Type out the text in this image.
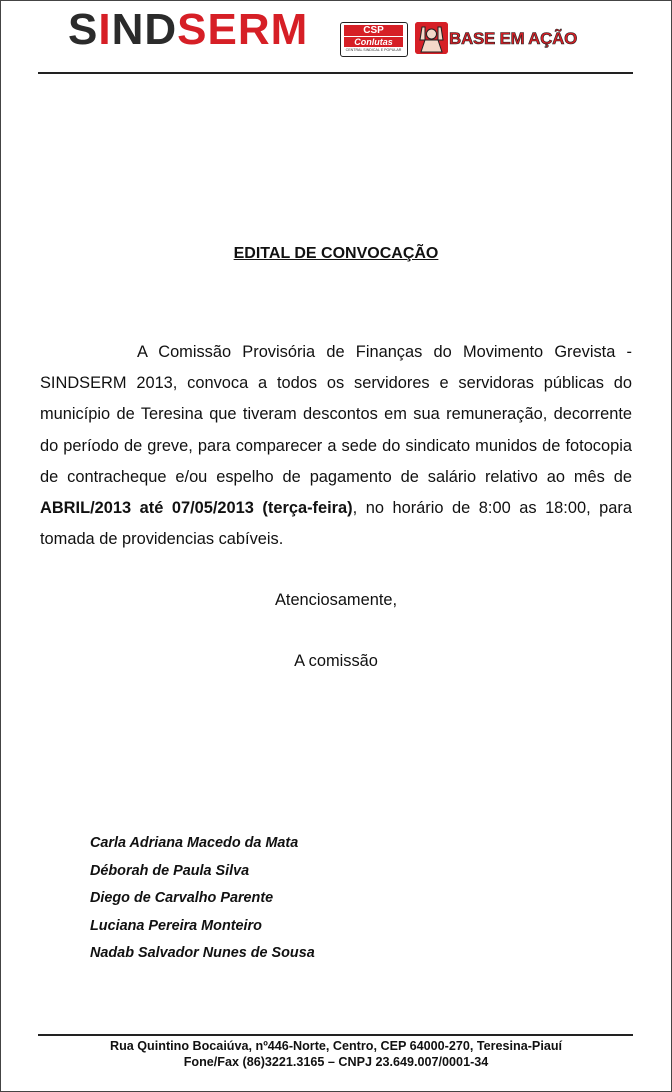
SINDSERM	CSP
Conlutas
CENTRAL SINDICAL E POPULAR
BASE EM AÇÃO
EDITAL DE CONVOCAÇÃO

A Comissão Provisória de Finanças do Movimento Grevista - SINDSERM 2013, convoca a todos os servidores e servidoras públicas do município de Teresina que tiveram descontos em sua remuneração, decorrente do período de greve, para comparecer a sede do sindicato munidos de fotocopia de contracheque e/ou espelho de pagamento de salário relativo ao mês de ABRIL/2013 até 07/05/2013 (terça-feira), no horário de 8:00 as 18:00, para tomada de providencias cabíveis.

Atenciosamente,
A comissão
Carla Adriana Macedo da Mata
Déborah de Paula Silva
Diego de Carvalho Parente
Luciana Pereira Monteiro
Nadab Salvador Nunes de Sousa
Rua Quintino Bocaiúva, nº446-Norte, Centro, CEP 64000-270, Teresina-Piauí
Fone/Fax (86)3221.3165 – CNPJ 23.649.007/0001-34
